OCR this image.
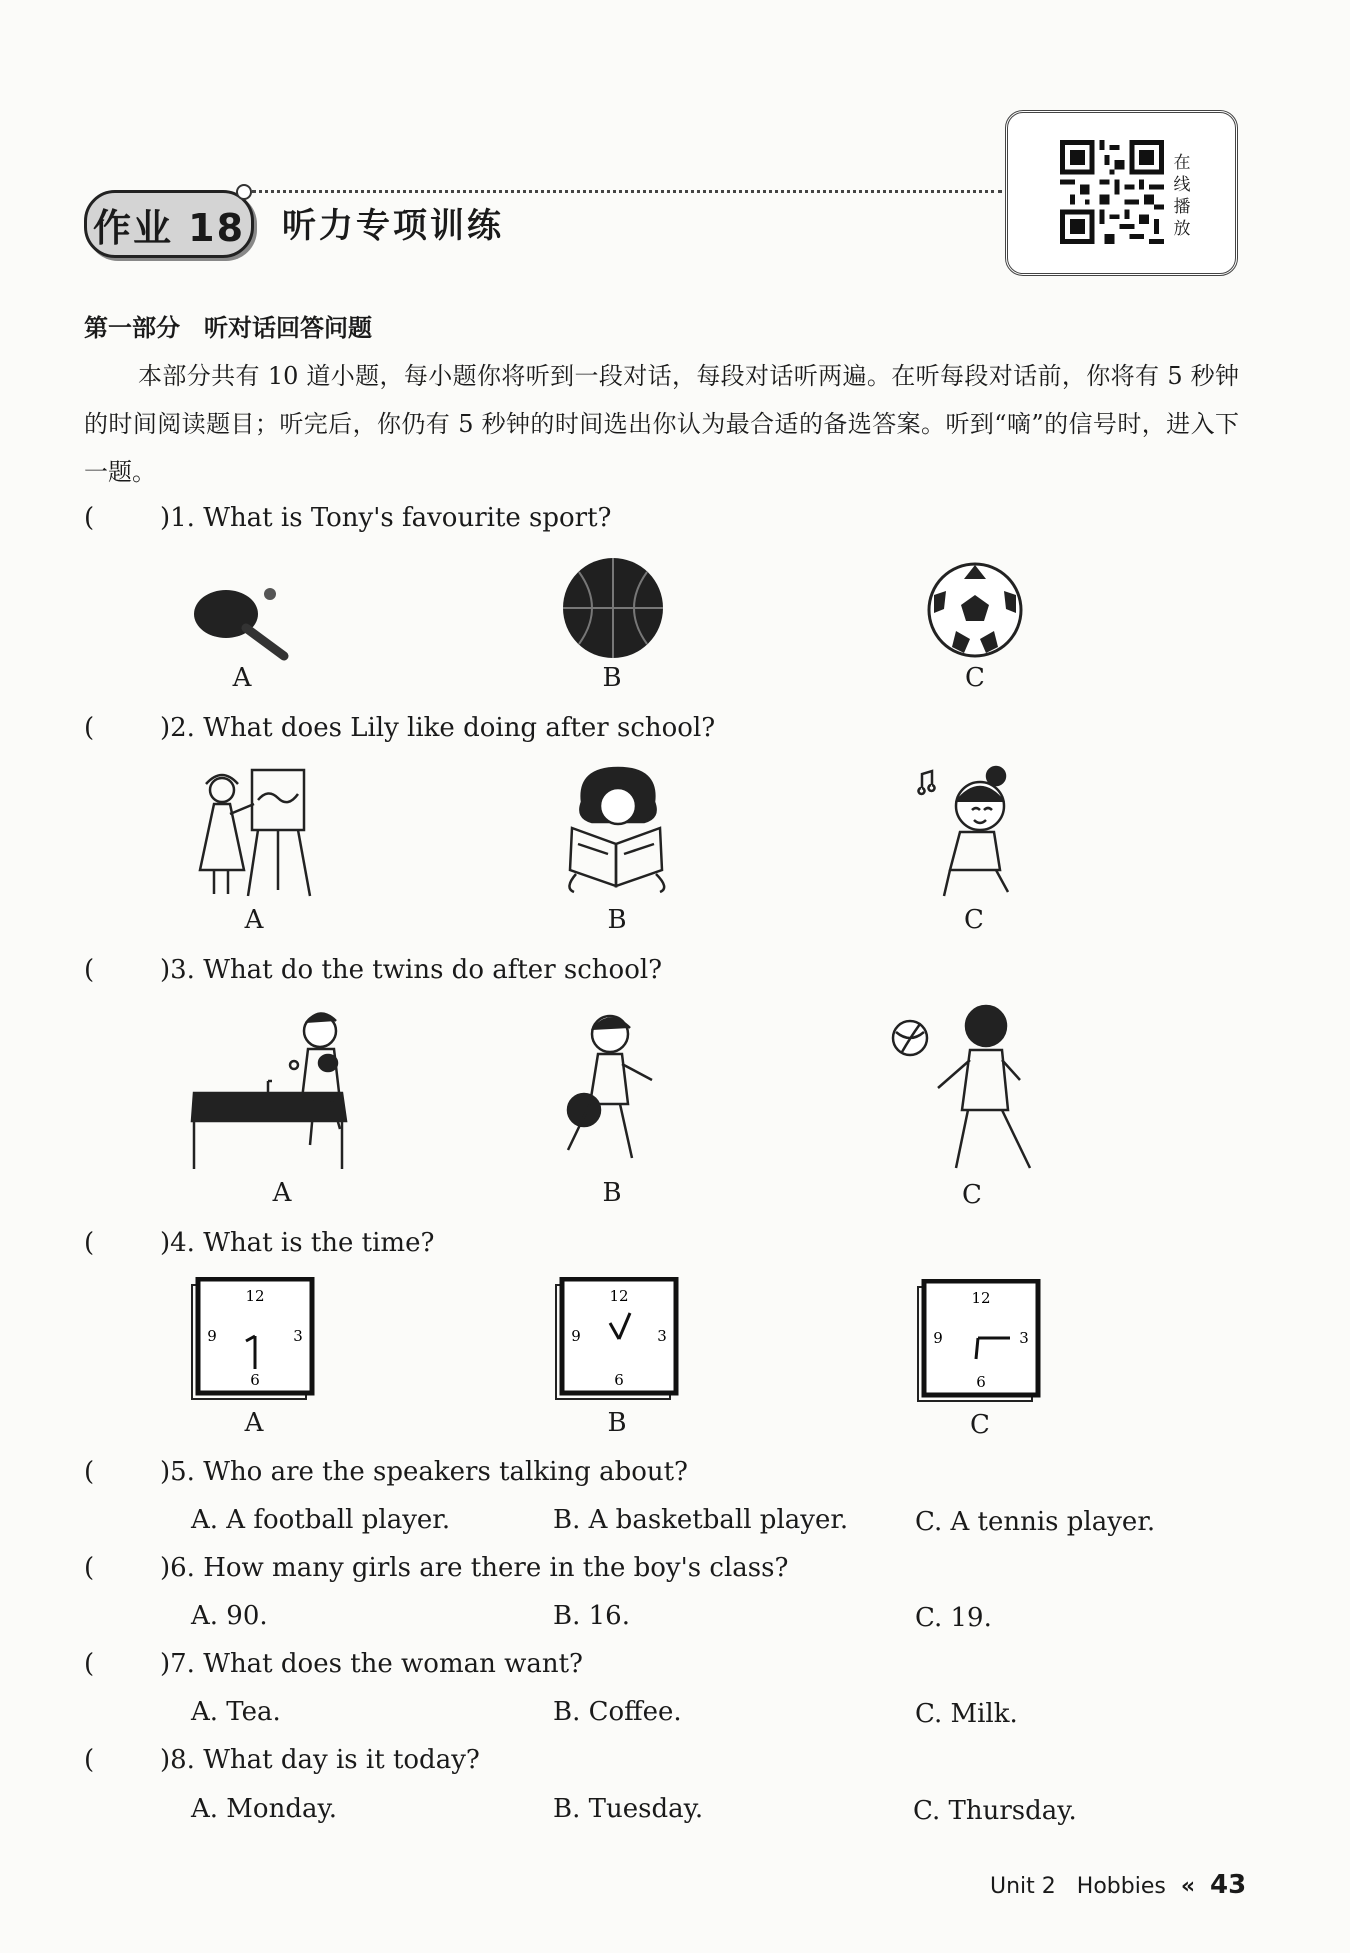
作业 18 听力专项训练
在
线
播
放
第一部分　听对话回答问题
本部分共有 10 道小题，每小题你将听到一段对话，每段对话听两遍。在听每段对话前，你将有 5 秒钟的时间阅读题目；听完后，你仍有 5 秒钟的时间选出你认为最合适的备选答案。听到“嘀”的信号时，进入下一题。
(	)1. What is Tony's favourite sport?
A	B	C
(	)2. What does Lily like doing after school?
A	B	C
(	)3. What do the twins do after school?
A	B	C
(	)4. What is the time?
12
3
6
9
12
3
6
9
12
3
6
9
A	B	C
(	)5. Who are the speakers talking about?
A. A football player.	B. A basketball player.	C. A tennis player.
(	)6. How many girls are there in the boy's class?
A. 90.	B. 16.	C. 19.
(	)7. What does the woman want?
A. Tea.	B. Coffee.	C. Milk.
(	)8. What day is it today?
A. Monday.	B. Tuesday.	C. Thursday.
Unit 2 Hobbies « 43
